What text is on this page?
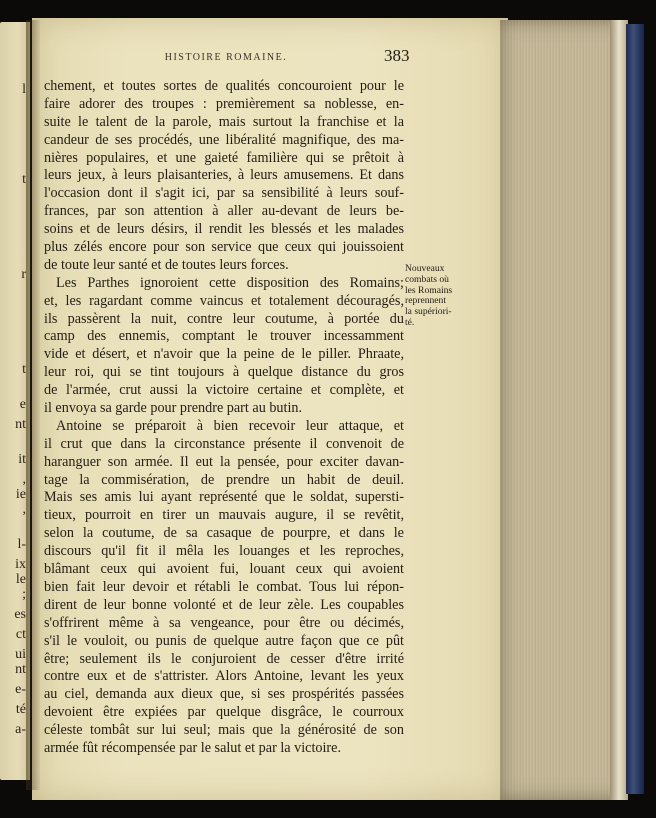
l
t
r
t
e
nt
it
,
ie
,
l-
ix
le
;
es
ct
ui
nt
e-
té
a-
HISTOIRE ROMAINE.	383
chement, et toutes sortes de qualités concouroient pour le
faire adorer des troupes : premièrement sa noblesse, en-
suite le talent de la parole, mais surtout la franchise et la
candeur de ses procédés, une libéralité magnifique, des ma-
nières populaires, et une gaieté familière qui se prêtoit à
leurs jeux, à leurs plaisanteries, à leurs amusemens. Et dans
l'occasion dont il s'agit ici, par sa sensibilité à leurs souf-
frances, par son attention à aller au-devant de leurs be-
soins et de leurs désirs, il rendit les blessés et les malades
plus zélés encore pour son service que ceux qui jouissoient
de toute leur santé et de toutes leurs forces.
Les Parthes ignoroient cette disposition des Romains;
et, les ragardant comme vaincus et totalement découragés,
ils passèrent la nuit, contre leur coutume, à portée du
camp des ennemis, comptant le trouver incessamment
vide et désert, et n'avoir que la peine de le piller. Phraate,
leur roi, qui se tint toujours à quelque distance du gros
de l'armée, crut aussi la victoire certaine et complète, et
il envoya sa garde pour prendre part au butin.
Antoine se préparoit à bien recevoir leur attaque, et
il crut que dans la circonstance présente il convenoit de
haranguer son armée. Il eut la pensée, pour exciter davan-
tage la commisération, de prendre un habit de deuil.
Mais ses amis lui ayant représenté que le soldat, supersti-
tieux, pourroit en tirer un mauvais augure, il se revêtit,
selon la coutume, de sa casaque de pourpre, et dans le
discours qu'il fit il mêla les louanges et les reproches,
blâmant ceux qui avoient fui, louant ceux qui avoient
bien fait leur devoir et rétabli le combat. Tous lui répon-
dirent de leur bonne volonté et de leur zèle. Les coupables
s'offrirent même à sa vengeance, pour être ou décimés,
s'il le vouloit, ou punis de quelque autre façon que ce pût
être; seulement ils le conjuroient de cesser d'être irrité
contre eux et de s'attrister. Alors Antoine, levant les yeux
au ciel, demanda aux dieux que, si ses prospérités passées
devoient être expiées par quelque disgrâce, le courroux
céleste tombât sur lui seul; mais que la générosité de son
armée fût récompensée par le salut et par la victoire.
Nouveaux
combats où
les Romains
reprennent
la supériori-
té.
